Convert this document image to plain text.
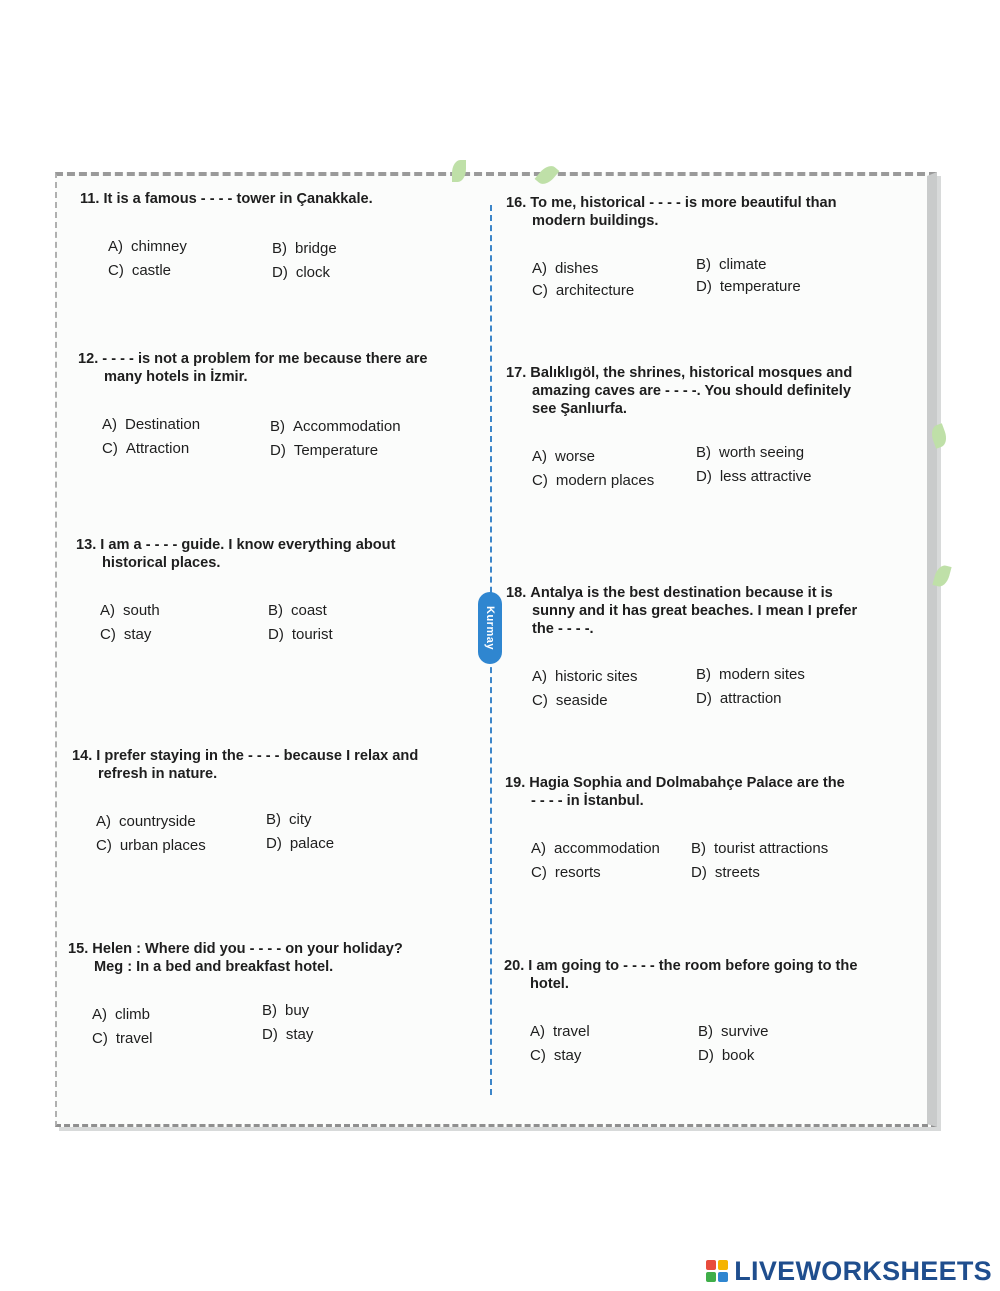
Kurmay
11. It is a famous - - - - tower in Çanakkale.
A) chimney	B) bridge
C) castle	D) clock
12. - - - - is not a problem for me because there are
many hotels in İzmir.
A) Destination	B) Accommodation
C) Attraction	D) Temperature
13. I am a - - - - guide. I know everything about
historical places.
A) south	B) coast
C) stay	D) tourist
14. I prefer staying in the - - - - because I relax and
refresh in nature.
A) countryside	B) city
C) urban places	D) palace
15. Helen : Where did you - - - - on your holiday?
Meg : In a bed and breakfast hotel.
A) climb	B) buy
C) travel	D) stay
16. To me, historical - - - - is more beautiful than
modern buildings.
A) dishes	B) climate
C) architecture	D) temperature
17. Balıklıgöl, the shrines, historical mosques and
amazing caves are - - - -. You should definitely
see Şanlıurfa.
A) worse	B) worth seeing
C) modern places	D) less attractive
18. Antalya is the best destination because it is
sunny and it has great beaches. I mean I prefer
the - - - -.
A) historic sites	B) modern sites
C) seaside	D) attraction
19. Hagia Sophia and Dolmabahçe Palace are the
- - - - in İstanbul.
A) accommodation B) tourist attractions
C) resorts	D) streets
20. I am going to - - - - the room before going to the
hotel.
A) travel	B) survive
C) stay	D) book
LIVEWORKSHEETS
